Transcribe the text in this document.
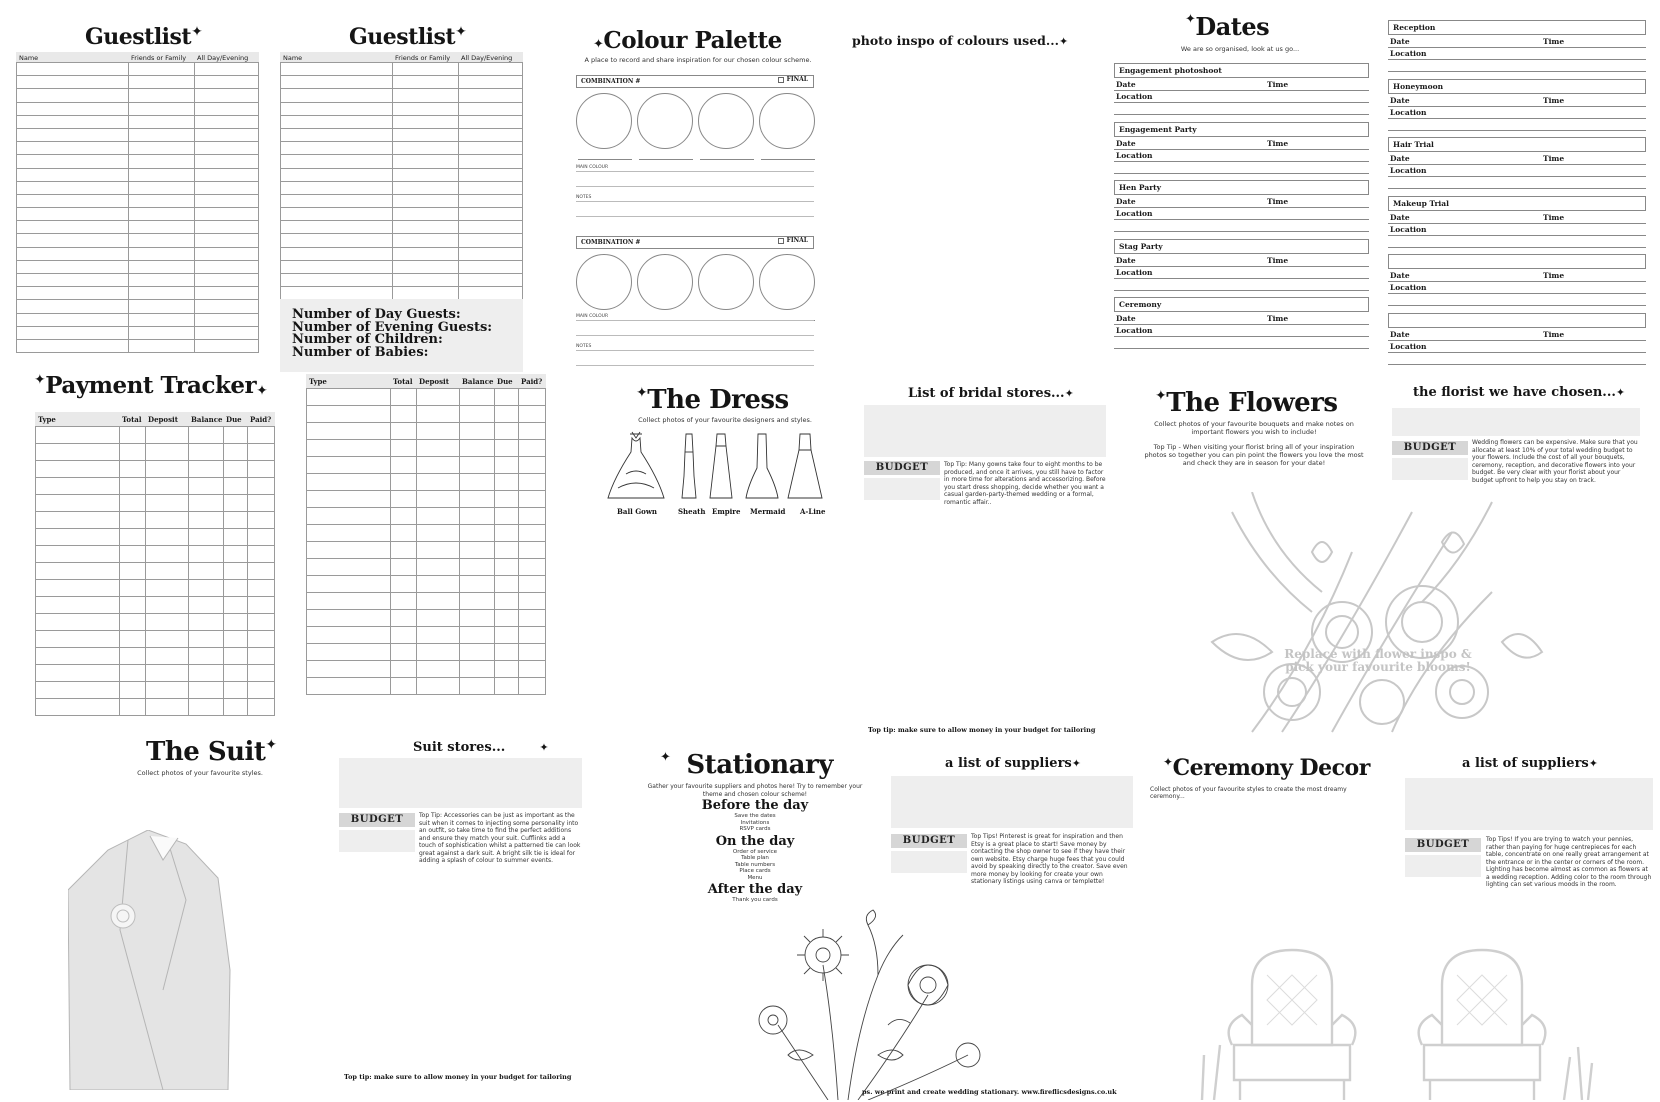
Guestlist✦
Name	Friends or Family	All Day/Evening

Guestlist✦
Name	Friends or Family	All Day/Evening

Number of Day Guests:
Number of Evening Guests:
Number of Children:
Number of Babies:
✦Payment Tracker✦
Type	Total	Deposit	Balance	Due	Paid?

Type	Total	Deposit	Balance	Due	Paid?

✦Colour Palette
A place to record and share inspiration for our chosen colour scheme.
COMBINATION #	FINAL
MAIN COLOUR
NOTES
COMBINATION #	FINAL
MAIN COLOUR
NOTES
photo inspo of colours used...✦
✦Dates
We are so organised, look at us go...
Engagement photoshoot
Date	Time
Location
Engagement Party
Date	Time
Location
Hen Party
Date	Time
Location
Stag Party
Date	Time
Location
Ceremony
Date	Time
Location
Reception
Date	Time
Location
Honeymoon
Date	Time
Location
Hair Trial
Date	Time
Location
Makeup Trial
Date	Time
Location
Date	Time
Location
Date	Time
Location
✦The Dress
Collect photos of your favourite designers and styles.
Ball Gown	Sheath Empire Mermaid A-Line
List of bridal stores...✦
BUDGET	Top Tip: Many gowns take four to eight months to be produced, and once it arrives, you still have to factor in more time for alterations and accessorizing. Before you start dress shopping, decide whether you want a casual garden-party-themed wedding or a formal, romantic affair..
Top tip: make sure to allow money in your budget for tailoring
✦The Flowers
Collect photos of your favourite bouquets and make notes on important flowers you wish to include!
Top Tip - When visiting your florist bring all of your inspiration photos so together you can pin point the flowers you love the most and check they are in season for your date!
Replace with flower inspo & pick your favourite blooms!
the florist we have chosen...✦
BUDGET	Wedding flowers can be expensive. Make sure that you allocate at least 10% of your total wedding budget to your flowers. Include the cost of all your bouquets, ceremony, reception, and decorative flowers into your budget. Be very clear with your florist about your budget upfront to help you stay on track.
The Suit✦
Collect photos of your favourite styles.
Suit stores...	✦
BUDGET	Top Tip: Accessories can be just as important as the suit when it comes to injecting some personality into an outfit, so take time to find the perfect additions and ensure they match your suit. Cufflinks add a touch of sophistication whilst a patterned tie can look great against a dark suit. A bright silk tie is ideal for adding a splash of colour to summer events.
Top tip: make sure to allow money in your budget for tailoring
✦ Stationary
Gather your favourite suppliers and photos here! Try to remember your theme and chosen colour scheme!
Before the day
Save the dates
Invitations
RSVP cards
On the day
Order of service
Table plan
Table numbers
Place cards
Menu
After the day
Thank you cards
ps. we print and create wedding stationary. www.fireflicsdesigns.co.uk
a list of suppliers✦
BUDGET	Top Tips! Pinterest is great for inspiration and then Etsy is a great place to start! Save money by contacting the shop owner to see if they have their own website. Etsy charge huge fees that you could avoid by speaking directly to the creator. Save even more money by looking for create your own stationary listings using canva or templette!
✦Ceremony Decor
Collect photos of your favourite styles to create the most dreamy ceremony...
a list of suppliers✦
BUDGET	Top Tips! If you are trying to watch your pennies, rather than paying for huge centrepieces for each table, concentrate on one really great arrangement at the entrance or in the center or corners of the room. Lighting has become almost as common as flowers at a wedding reception. Adding color to the room through lighting can set various moods in the room.
